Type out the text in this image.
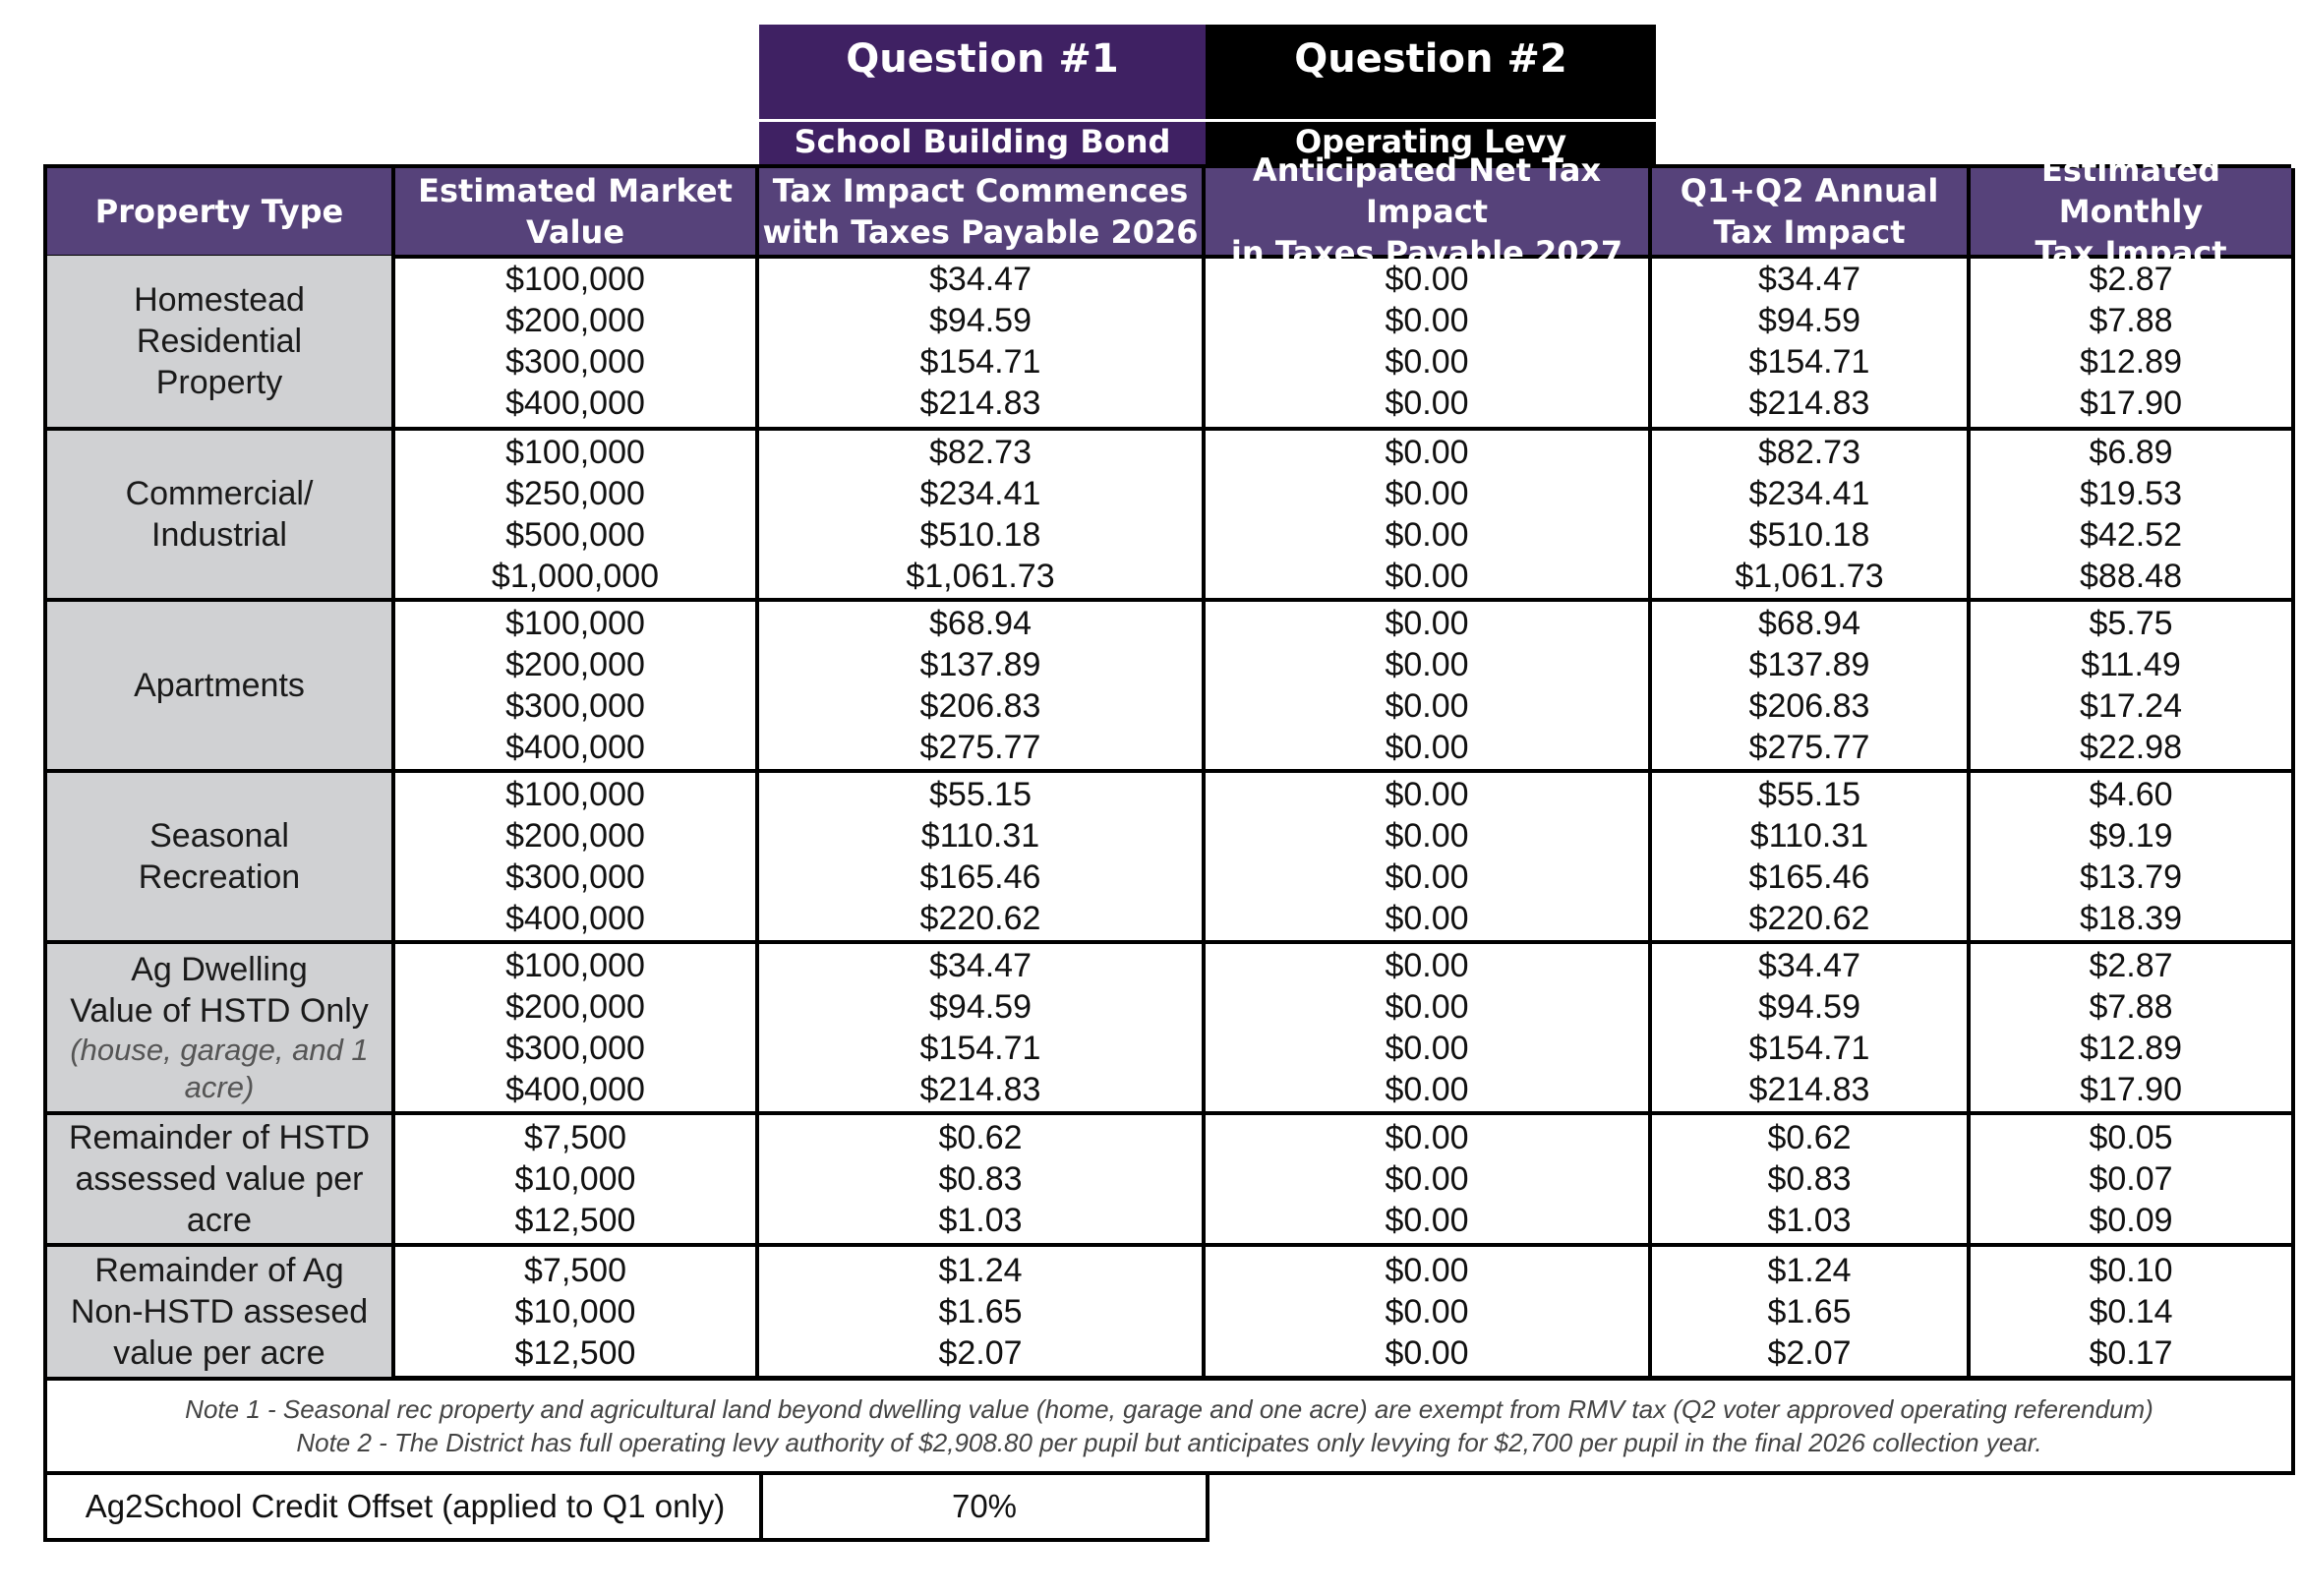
Question #1
School Building Bond
Question #2
Operating Levy
Property Type
Estimated Market
Value
Tax Impact Commences
with Taxes Payable 2026
Anticipated Net Tax Impact
in Taxes Payable 2027
Q1+Q2 Annual
Tax Impact
Estimated Monthly
Tax Impact
Homestead
Residential
Property
$100,000
$200,000
$300,000
$400,000
$34.47
$94.59
$154.71
$214.83
$0.00
$0.00
$0.00
$0.00
$34.47
$94.59
$154.71
$214.83
$2.87
$7.88
$12.89
$17.90
Commercial/
Industrial
$100,000
$250,000
$500,000
$1,000,000
$82.73
$234.41
$510.18
$1,061.73
$0.00
$0.00
$0.00
$0.00
$82.73
$234.41
$510.18
$1,061.73
$6.89
$19.53
$42.52
$88.48
Apartments
$100,000
$200,000
$300,000
$400,000
$68.94
$137.89
$206.83
$275.77
$0.00
$0.00
$0.00
$0.00
$68.94
$137.89
$206.83
$275.77
$5.75
$11.49
$17.24
$22.98
Seasonal
Recreation
$100,000
$200,000
$300,000
$400,000
$55.15
$110.31
$165.46
$220.62
$0.00
$0.00
$0.00
$0.00
$55.15
$110.31
$165.46
$220.62
$4.60
$9.19
$13.79
$18.39
Ag Dwelling
Value of HSTD Only
(house, garage, and 1
acre)
$100,000
$200,000
$300,000
$400,000
$34.47
$94.59
$154.71
$214.83
$0.00
$0.00
$0.00
$0.00
$34.47
$94.59
$154.71
$214.83
$2.87
$7.88
$12.89
$17.90
Remainder of HSTD
assessed value per
acre
$7,500
$10,000
$12,500
$0.62
$0.83
$1.03
$0.00
$0.00
$0.00
$0.62
$0.83
$1.03
$0.05
$0.07
$0.09
Remainder of Ag
Non-HSTD assesed
value per acre
$7,500
$10,000
$12,500
$1.24
$1.65
$2.07
$0.00
$0.00
$0.00
$1.24
$1.65
$2.07
$0.10
$0.14
$0.17
Note 1 - Seasonal rec property and agricultural land beyond dwelling value (home, garage and one acre) are exempt from RMV tax (Q2 voter approved operating referendum)
Note 2 - The District has full operating levy authority of $2,908.80 per pupil but anticipates only levying for $2,700 per pupil in the final 2026 collection year.
Ag2School Credit Offset (applied to Q1 only)	70%
